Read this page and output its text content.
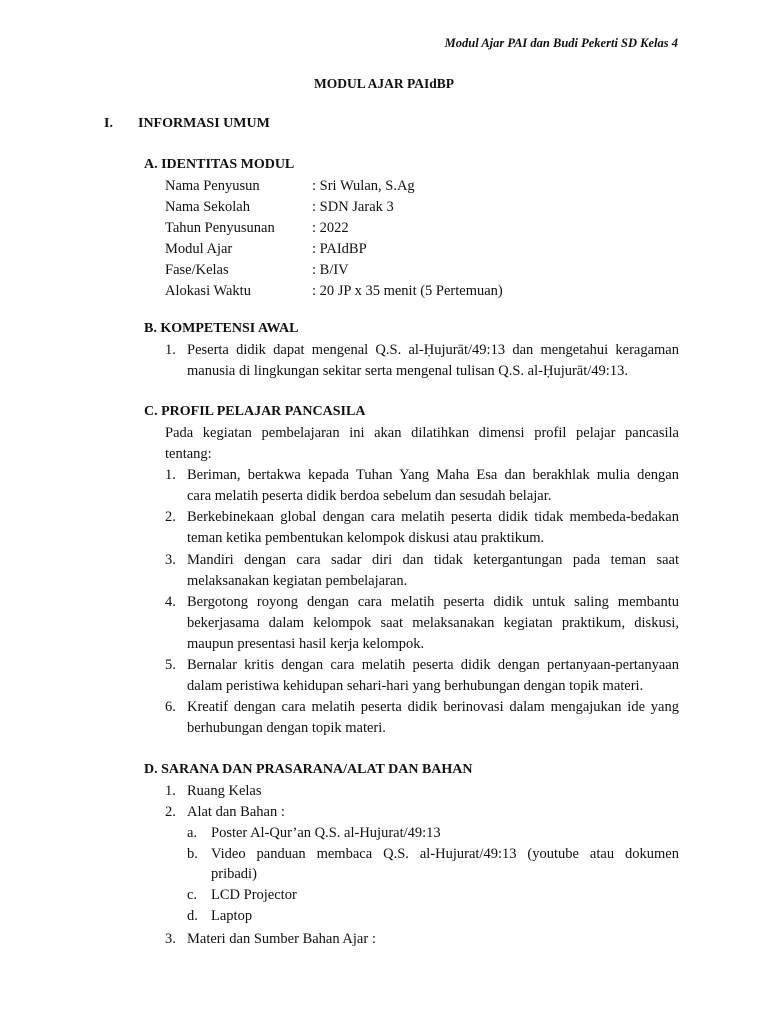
Modul Ajar PAI dan Budi Pekerti SD Kelas 4
MODUL AJAR PAIdBP
I. INFORMASI UMUM
A. IDENTITAS MODUL
Nama Penyusun	: Sri Wulan, S.Ag
Nama Sekolah	: SDN Jarak 3
Tahun Penyusunan	: 2022
Modul Ajar	: PAIdBP
Fase/Kelas	: B/IV
Alokasi Waktu	: 20 JP x 35 menit (5 Pertemuan)
B. KOMPETENSI AWAL
1. Peserta didik dapat mengenal Q.S. al-Ḥujurāt/49:13 dan mengetahui keragaman
manusia di lingkungan sekitar serta mengenal tulisan Q.S. al-Ḥujurāt/49:13.
C. PROFIL PELAJAR PANCASILA
Pada kegiatan pembelajaran ini akan dilatihkan dimensi profil pelajar pancasila
tentang:
1. Beriman, bertakwa kepada Tuhan Yang Maha Esa dan berakhlak mulia dengan
cara melatih peserta didik berdoa sebelum dan sesudah belajar.
2. Berkebinekaan global dengan cara melatih peserta didik tidak membeda-bedakan
teman ketika pembentukan kelompok diskusi atau praktikum.
3. Mandiri dengan cara sadar diri dan tidak ketergantungan pada teman saat
melaksanakan kegiatan pembelajaran.
4. Bergotong royong dengan cara melatih peserta didik untuk saling membantu
bekerjasama dalam kelompok saat melaksanakan kegiatan praktikum, diskusi,
maupun presentasi hasil kerja kelompok.
5. Bernalar kritis dengan cara melatih peserta didik dengan pertanyaan-pertanyaan
dalam peristiwa kehidupan sehari-hari yang berhubungan dengan topik materi.
6. Kreatif dengan cara melatih peserta didik berinovasi dalam mengajukan ide yang
berhubungan dengan topik materi.
D. SARANA DAN PRASARANA/ALAT DAN BAHAN
1. Ruang Kelas
2. Alat dan Bahan :
a. Poster Al-Qur’an Q.S. al-Hujurat/49:13
b. Video panduan membaca Q.S. al-Hujurat/49:13 (youtube atau dokumen
pribadi)
c. LCD Projector
d. Laptop
3. Materi dan Sumber Bahan Ajar :
